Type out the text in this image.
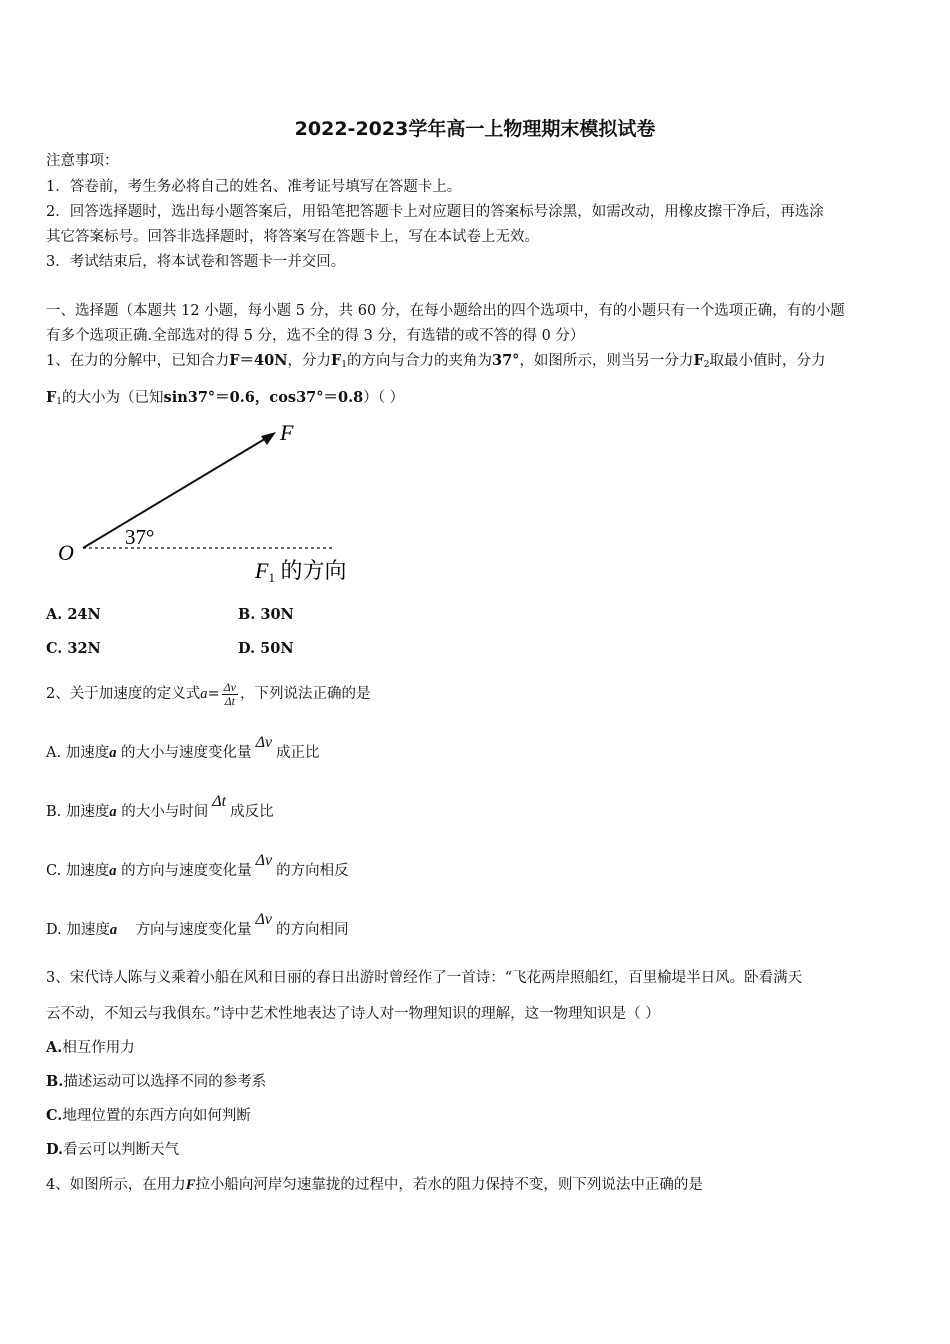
2022-2023学年高一上物理期末模拟试卷
注意事项：
1．答卷前，考生务必将自己的姓名、准考证号填写在答题卡上。
2．回答选择题时，选出每小题答案后，用铅笔把答题卡上对应题目的答案标号涂黑，如需改动，用橡皮擦干净后，再选涂
其它答案标号。回答非选择题时，将答案写在答题卡上，写在本试卷上无效。
3．考试结束后，将本试卷和答题卡一并交回。
一、选择题（本题共 12 小题，每小题 5 分，共 60 分，在每小题给出的四个选项中，有的小题只有一个选项正确，有的小题
有多个选项正确.全部选对的得 5 分，选不全的得 3 分，有选错的或不答的得 0 分）
1、在力的分解中，已知合力F＝40N，分力$F_1$的方向与合力的夹角为37°，如图所示，则当另一分力$F_2$取最小值时，分力
$F_1$的大小为（已知sin37°＝0.6，cos37°＝0.8）（ ）
F
O
37°
F1 的方向
A. 24N	B. 30N
C. 32N	D. 50N
2、关于加速度的定义式$a= \frac{\Delta v}{\Delta t}$ ，下列说法正确的是
A. 加速度a 的大小与速度变化量Δv成正比
B. 加速度a 的大小与时间Δt成反比
C. 加速度a 的方向与速度变化量Δv的方向相反
D. 加速度a    方向与速度变化量Δv的方向相同
3、宋代诗人陈与义乘着小船在风和日丽的春日出游时曾经作了一首诗：“飞花两岸照船红，百里榆堤半日风。卧看满天
云不动，不知云与我俱东。”诗中艺术性地表达了诗人对一物理知识的理解，这一物理知识是（ ）
A.相互作用力
B.描述运动可以选择不同的参考系
C.地理位置的东西方向如何判断
D.看云可以判断天气
4、如图所示，在用力F拉小船向河岸匀速靠拢的过程中，若水的阻力保持不变，则下列说法中正确的是
